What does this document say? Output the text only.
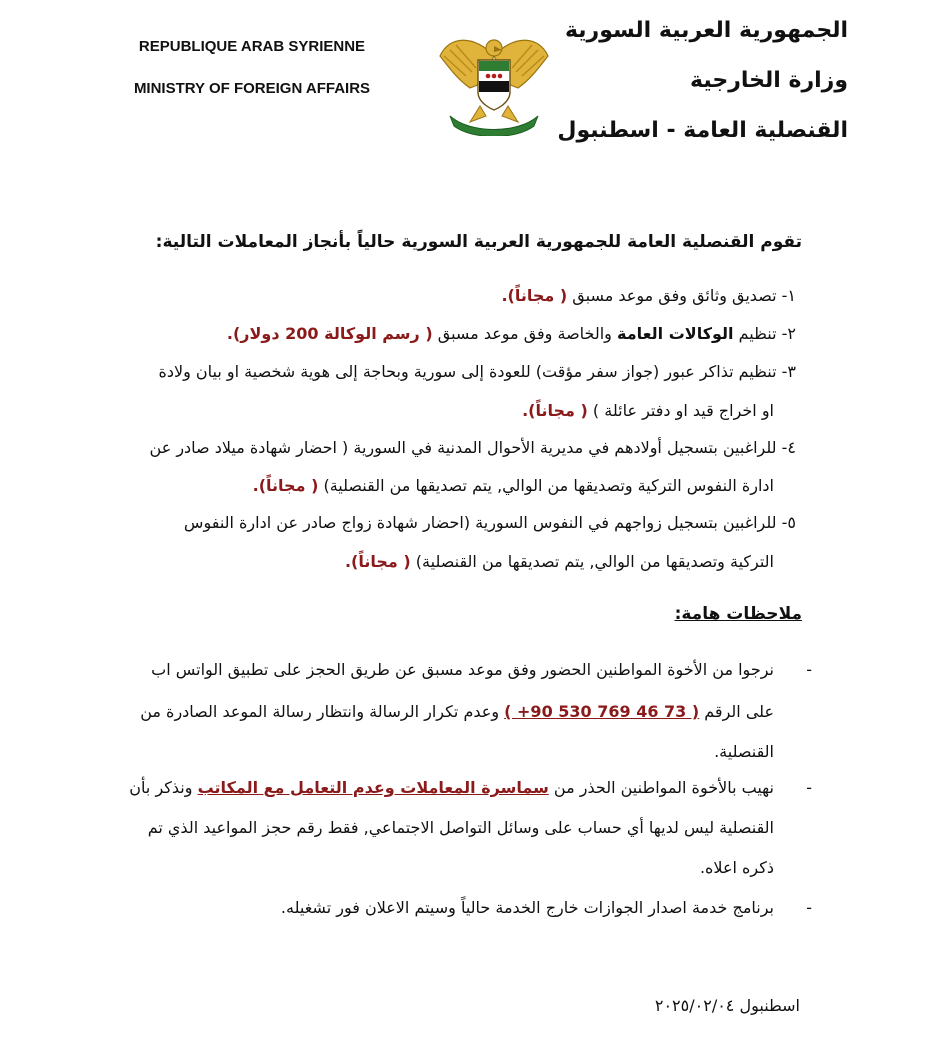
REPUBLIQUE ARAB SYRIENNE
MINISTRY OF FOREIGN AFFAIRS
الجمهورية العربية السورية
وزارة الخارجية
القنصلية العامة - اسطنبول
تقوم القنصلية العامة للجمهورية العربية السورية حالياً بأنجاز المعاملات التالية:
١- تصديق وثائق وفق موعد مسبق ( مجاناً).
٢- تنظيم الوكالات العامة والخاصة وفق موعد مسبق ( رسم الوكالة 200 دولار).
٣- تنظيم تذاكر عبور (جواز سفر مؤقت) للعودة إلى سورية وبحاجة إلى هوية شخصية او بيان ولادة
او اخراج قيد او دفتر عائلة ) ( مجاناً).
٤- للراغبين بتسجيل أولادهم في مديرية الأحوال المدنية في السورية ( احضار شهادة ميلاد صادر عن
ادارة النفوس التركية وتصديقها من الوالي, يتم تصديقها من القنصلية) ( مجاناً).
٥- للراغبين بتسجيل زواجهم في النفوس السورية (احضار شهادة زواج صادر عن ادارة النفوس
التركية وتصديقها من الوالي, يتم تصديقها من القنصلية) ( مجاناً).
ملاحظات هامة:
-
نرجوا من الأخوة المواطنين الحضور وفق موعد مسبق عن طريق الحجز على تطبيق الواتس اب
على الرقم ( +90 530 769 46 73 ) وعدم تكرار الرسالة وانتظار رسالة الموعد الصادرة من
القنصلية.
-
نهيب بالأخوة المواطنين الحذر من سماسرة المعاملات وعدم التعامل مع المكاتب ونذكر بأن
القنصلية ليس لديها أي حساب على وسائل التواصل الاجتماعي, فقط رقم حجز المواعيد الذي تم
ذكره اعلاه.
-
برنامج خدمة اصدار الجوازات خارج الخدمة حالياً وسيتم الاعلان فور تشغيله.
اسطنبول ٢٠٢٥/٠٢/٠٤
